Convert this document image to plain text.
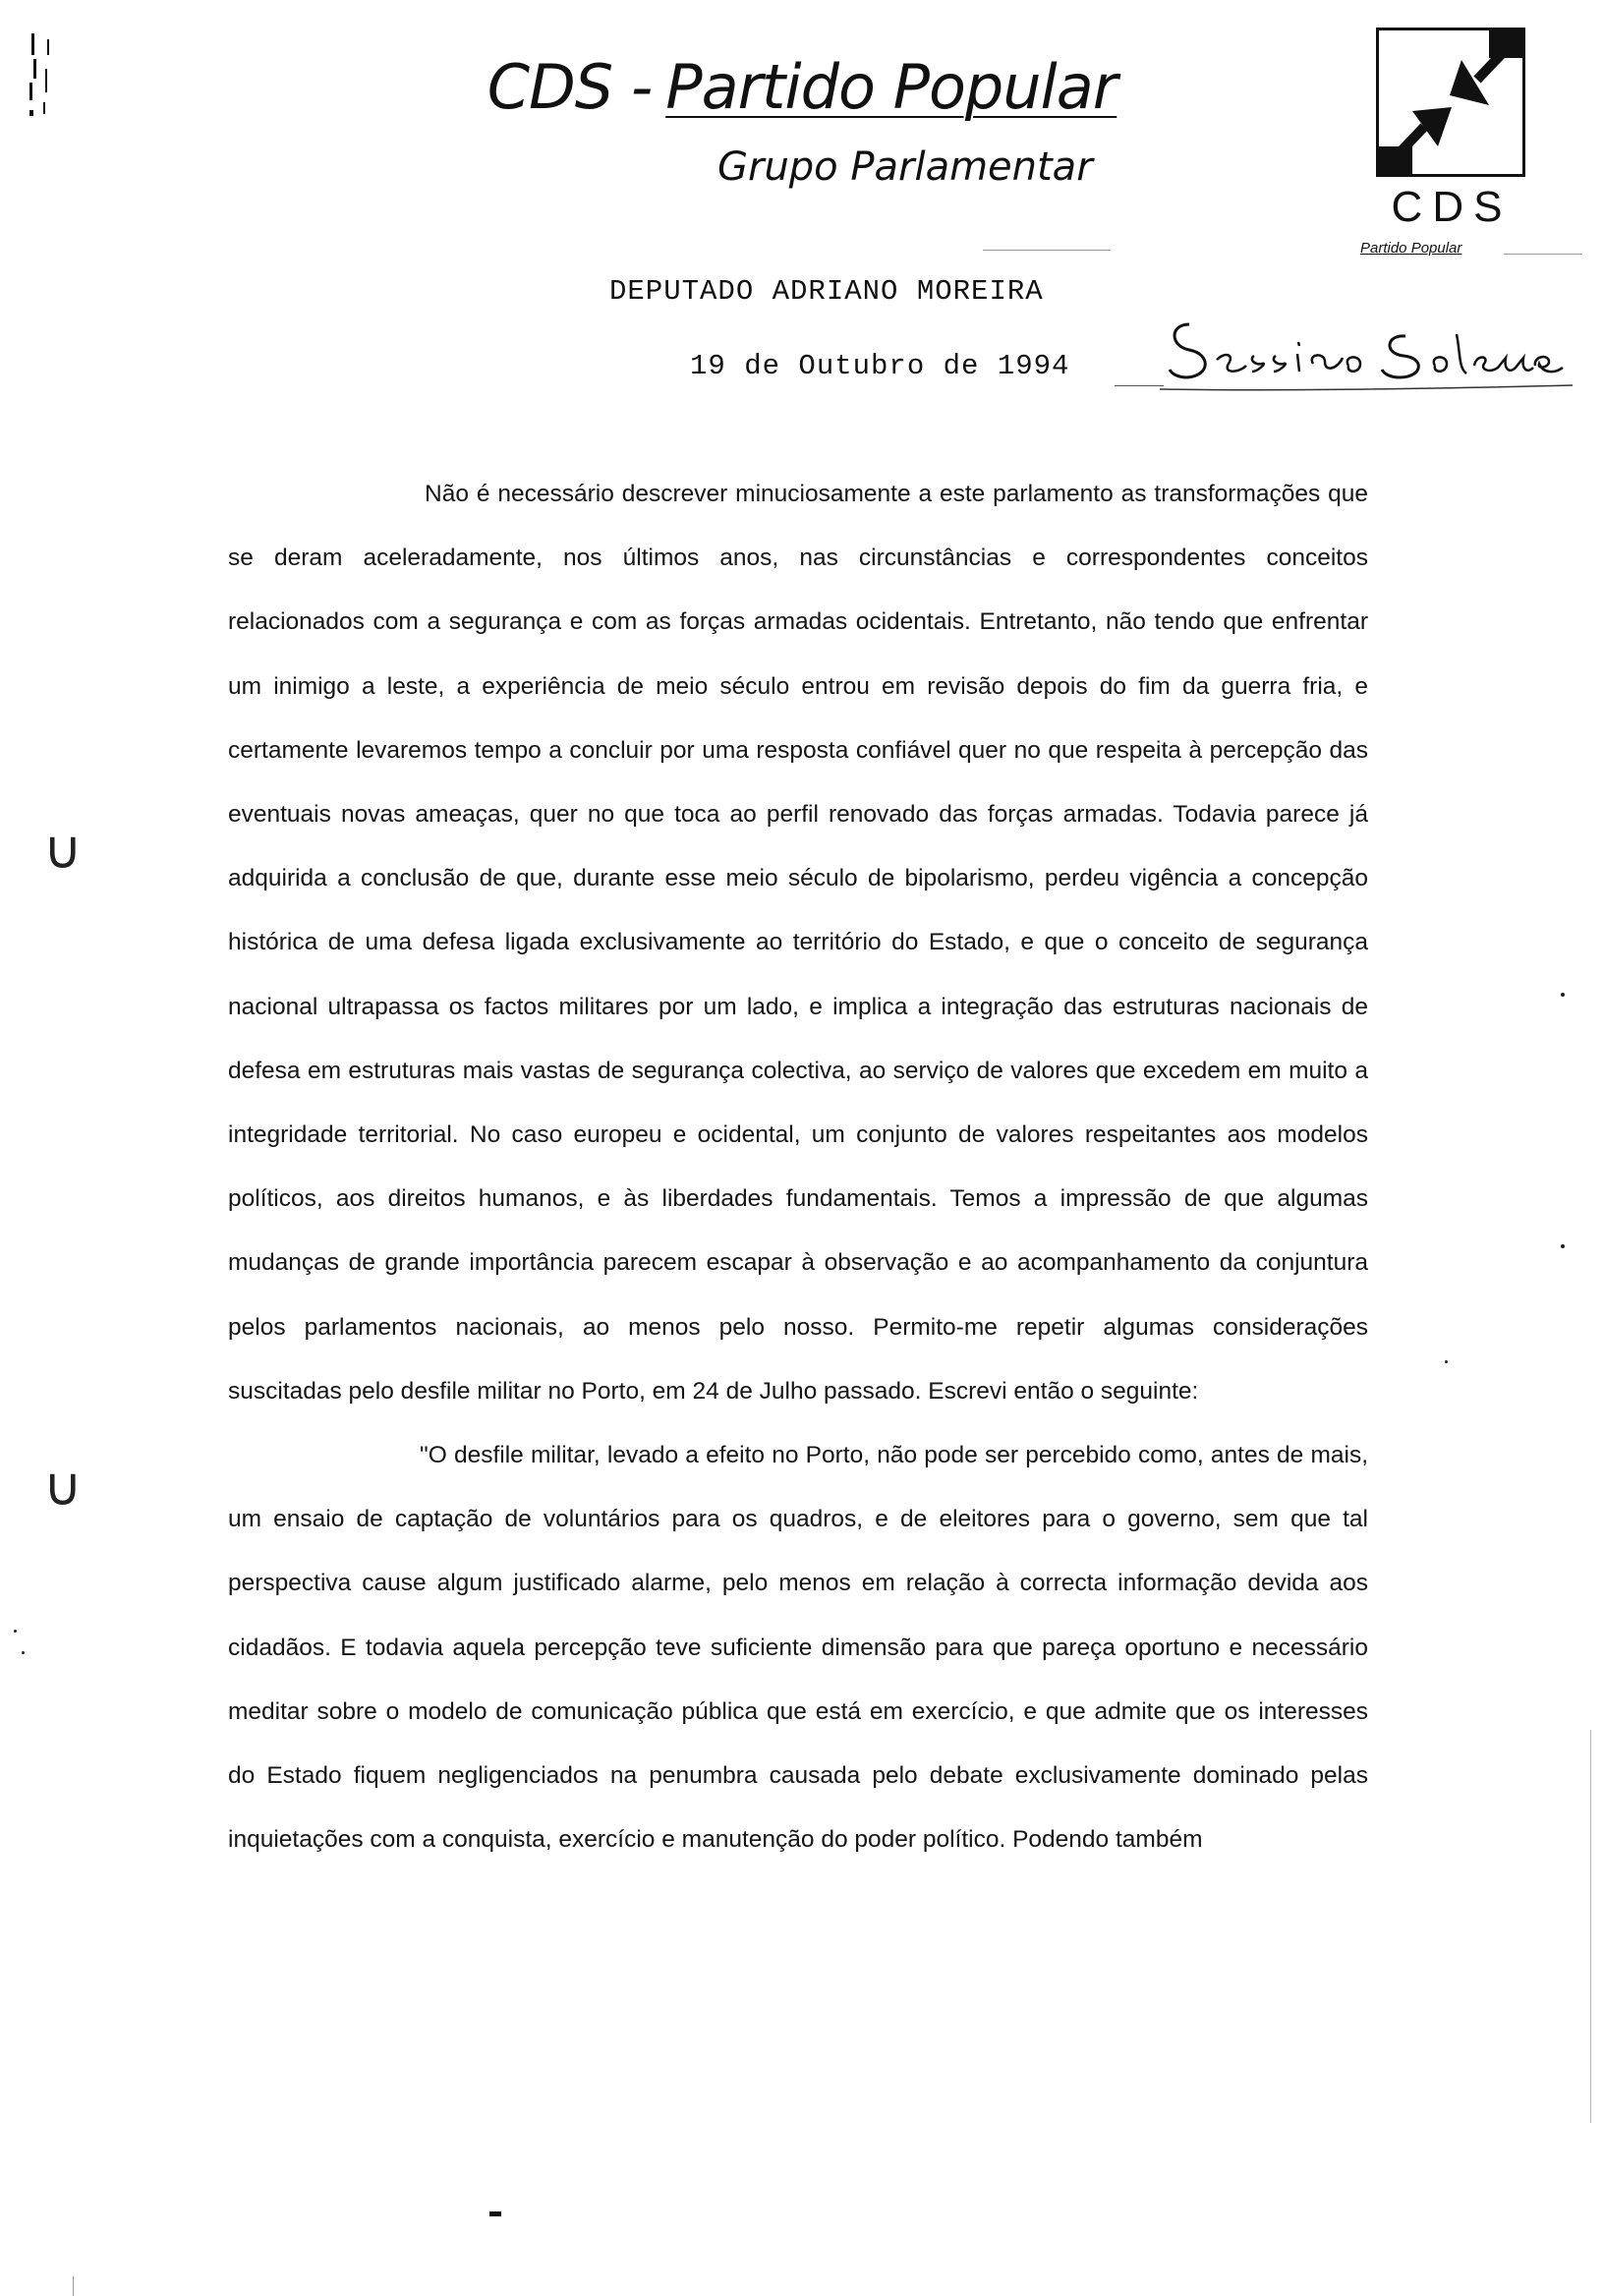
CDS - Partido Popular
Grupo Parlamentar
CDS
Partido Popular
DEPUTADO ADRIANO MOREIRA
19 de Outubro de 1994

Não é necessário descrever minuciosamente a este parlamento as transformações que se deram aceleradamente, nos últimos anos, nas circunstâncias e correspondentes conceitos relacionados com a segurança e com as forças armadas ocidentais. Entretanto, não tendo que enfrentar um inimigo a leste, a experiência de meio século entrou em revisão depois do fim da guerra fria, e certamente levaremos tempo a concluir por uma resposta confiável quer no que respeita à percepção das eventuais novas ameaças, quer no que toca ao perfil renovado das forças armadas. Todavia parece já adquirida a conclusão de que, durante esse meio século de bipolarismo, perdeu vigência a concepção histórica de uma defesa ligada exclusivamente ao território do Estado, e que o conceito de segurança nacional ultrapassa os factos militares por um lado, e implica a integração das estruturas nacionais de defesa em estruturas mais vastas de segurança colectiva, ao serviço de valores que excedem em muito a integridade territorial. No caso europeu e ocidental, um conjunto de valores respeitantes aos modelos políticos, aos direitos humanos, e às liberdades fundamentais. Temos a impressão de que algumas mudanças de grande importância parecem escapar à observação e ao acompanhamento da conjuntura pelos parlamentos nacionais, ao menos pelo nosso. Permito-me repetir algumas considerações suscitadas pelo desfile militar no Porto, em 24 de Julho passado. Escrevi então o seguinte:

"O desfile militar, levado a efeito no Porto, não pode ser percebido como, antes de mais, um ensaio de captação de voluntários para os quadros, e de eleitores para o governo, sem que tal perspectiva cause algum justificado alarme, pelo menos em relação à correcta informação devida aos cidadãos. E todavia aquela percepção teve suficiente dimensão para que pareça oportuno e necessário meditar sobre o modelo de comunicação pública que está em exercício, e que admite que os interesses do Estado fiquem negligenciados na penumbra causada pelo debate exclusivamente dominado pelas inquietações com a conquista, exercício e manutenção do poder político. Podendo também

∪
∪
